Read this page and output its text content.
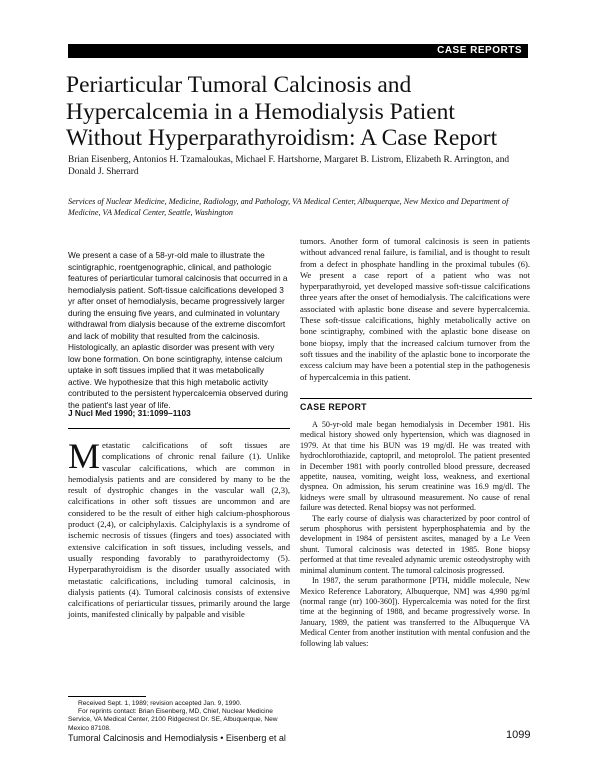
CASE REPORTS
Periarticular Tumoral Calcinosis and Hypercalcemia in a Hemodialysis Patient Without Hyperparathyroidism: A Case Report
Brian Eisenberg, Antonios H. Tzamaloukas, Michael F. Hartshorne, Margaret B. Listrom, Elizabeth R. Arrington, and Donald J. Sherrard
Services of Nuclear Medicine, Medicine, Radiology, and Pathology, VA Medical Center, Albuquerque, New Mexico and Department of Medicine, VA Medical Center, Seattle, Washington
We present a case of a 58-yr-old male to illustrate the scintigraphic, roentgenographic, clinical, and pathologic features of periarticular tumoral calcinosis that occurred in a hemodialysis patient. Soft-tissue calcifications developed 3 yr after onset of hemodialysis, became progressively larger during the ensuing five years, and culminated in voluntary withdrawal from dialysis because of the extreme discomfort and lack of mobility that resulted from the calcinosis. Histologically, an aplastic disorder was present with very low bone formation. On bone scintigraphy, intense calcium uptake in soft tissues implied that it was metabolically active. We hypothesize that this high metabolic activity contributed to the persistent hypercalcemia observed during the patient's last year of life.
J Nucl Med 1990; 31:1099–1103
Metastatic calcifications of soft tissues are complications of chronic renal failure (1). Unlike vascular calcifications, which are common in hemodialysis patients and are considered by many to be the result of dystrophic changes in the vascular wall (2,3), calcifications in other soft tissues are uncommon and are considered to be the result of either high calcium-phosphorous product (2,4), or calciphylaxis. Calciphylaxis is a syndrome of ischemic necrosis of tissues (fingers and toes) associated with extensive calcification in soft tissues, including vessels, and usually responding favorably to parathyroidectomy (5). Hyperparathyroidism is the disorder usually associated with metastatic calcifications, including tumoral calcinosis, in dialysis patients (4). Tumoral calcinosis consists of extensive calcifications of periarticular tissues, primarily around the large joints, manifested clinically by palpable and visible

Received Sept. 1, 1989; revision accepted Jan. 9, 1990.

For reprints contact: Brian Eisenberg, MD, Chief, Nuclear Medicine Service, VA Medical Center, 2100 Ridgecrest Dr. SE, Albuquerque, New Mexico 87108.

tumors. Another form of tumoral calcinosis is seen in patients without advanced renal failure, is familial, and is thought to result from a defect in phosphate handling in the proximal tubules (6). We present a case report of a patient who was not hyperparathyroid, yet developed massive soft-tissue calcifications three years after the onset of hemodialysis. The calcifications were associated with aplastic bone disease and severe hypercalcemia. These soft-tissue calcifications, highly metabolically active on bone scintigraphy, combined with the aplastic bone disease on bone biopsy, imply that the increased calcium turnover from the soft tissues and the inability of the aplastic bone to incorporate the excess calcium may have been a potential step in the pathogenesis of hypercalcemia in this patient.
CASE REPORT

A 50-yr-old male began hemodialysis in December 1981. His medical history showed only hypertension, which was diagnosed in 1979. At that time his BUN was 19 mg/dl. He was treated with hydrochlorothiazide, captopril, and metoprolol. The patient presented in December 1981 with poorly controlled blood pressure, decreased appetite, nausea, vomiting, weight loss, weakness, and exertional dyspnea. On admission, his serum creatinine was 16.9 mg/dl. The kidneys were small by ultrasound measurement. No cause of renal failure was detected. Renal biopsy was not performed.

The early course of dialysis was characterized by poor control of serum phosphorus with persistent hyperphosphatemia and by the development in 1984 of persistent ascites, managed by a Le Veen shunt. Tumoral calcinosis was detected in 1985. Bone biopsy performed at that time revealed adynamic uremic osteodystrophy with minimal aluminum content. The tumoral calcinosis progressed.

In 1987, the serum parathormone [PTH, middle molecule, New Mexico Reference Laboratory, Albuquerque, NM] was 4,990 pg/ml (normal range (nr) 100-360]). Hypercalcemia was noted for the first time at the beginning of 1988, and became progressively worse. In January, 1989, the patient was transferred to the Albuquerque VA Medical Center from another institution with mental confusion and the following lab values:

Tumoral Calcinosis and Hemodialysis • Eisenberg et al	1099
